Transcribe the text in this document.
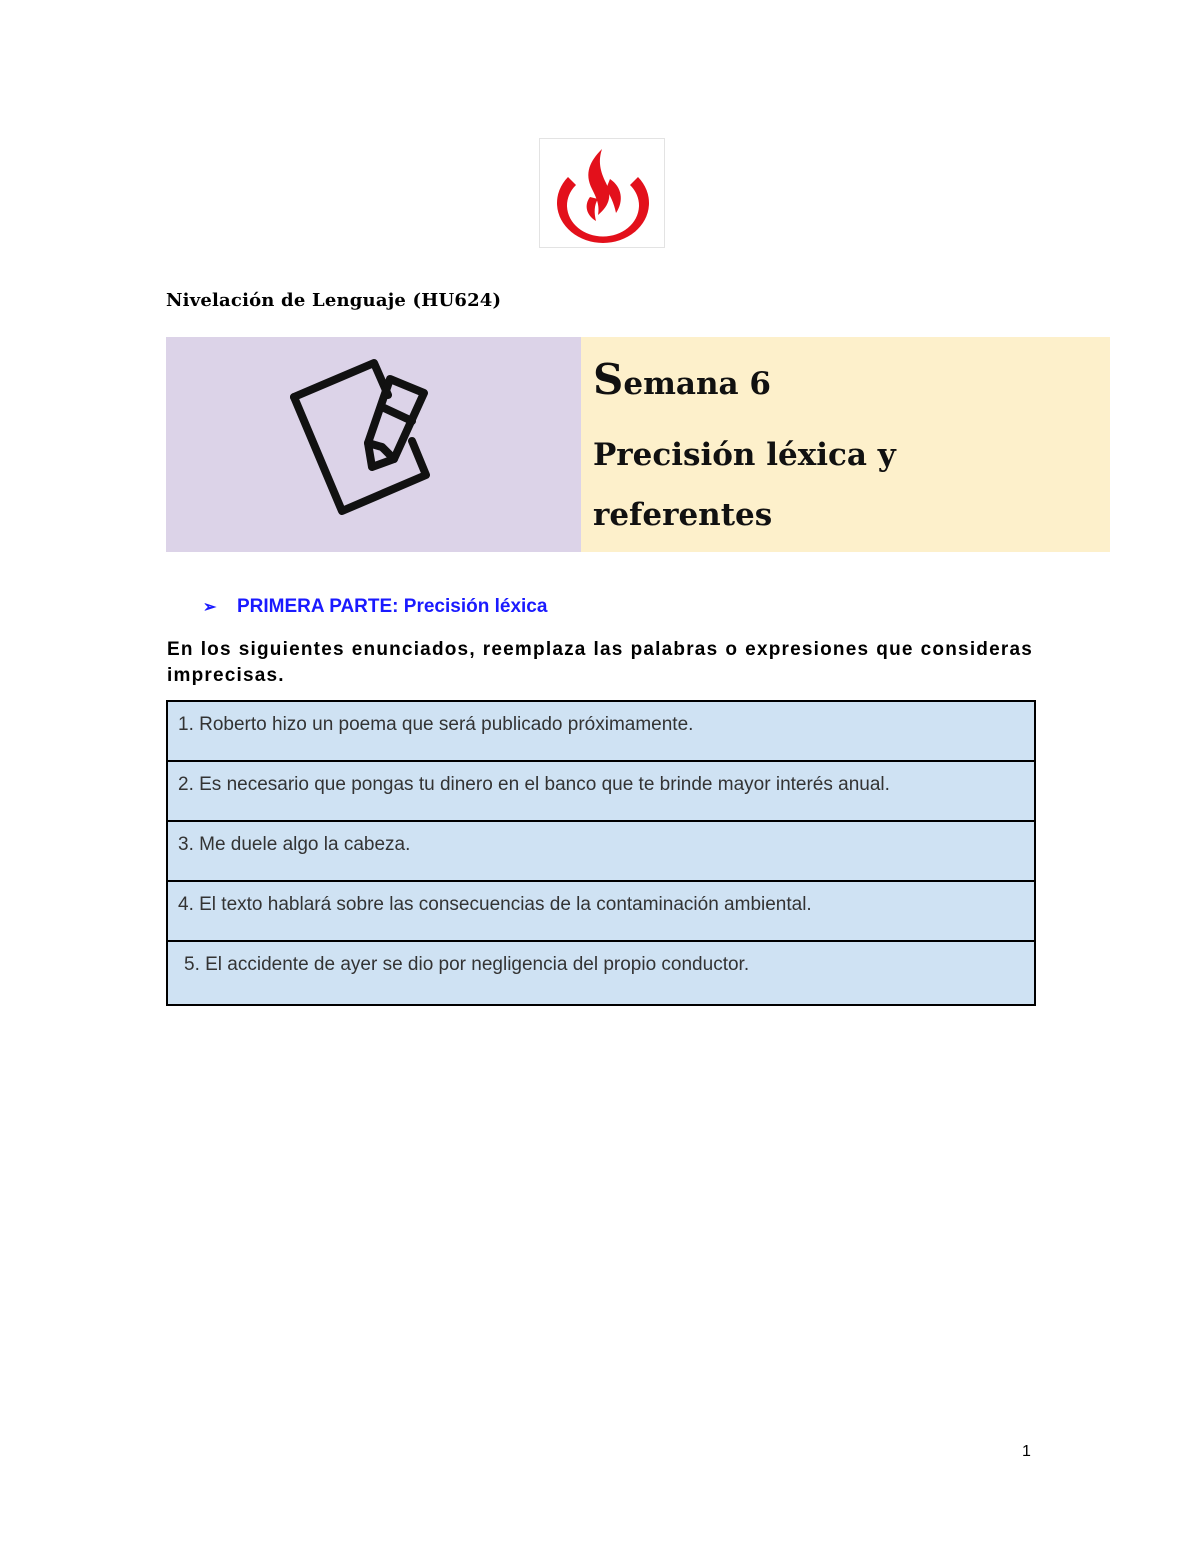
Nivelación de Lenguaje (HU624)
Semana 6
Precisión léxica y referentes
➢ PRIMERA PARTE: Precisión léxica
En los siguientes enunciados, reemplaza las palabras o expresiones que consideras imprecisas.
1. Roberto hizo un poema que será publicado próximamente.
2. Es necesario que pongas tu dinero en el banco que te brinde mayor interés anual.
3. Me duele algo la cabeza.
4. El texto hablará sobre las consecuencias de la contaminación ambiental.
5. El accidente de ayer se dio por negligencia del propio conductor.
1
